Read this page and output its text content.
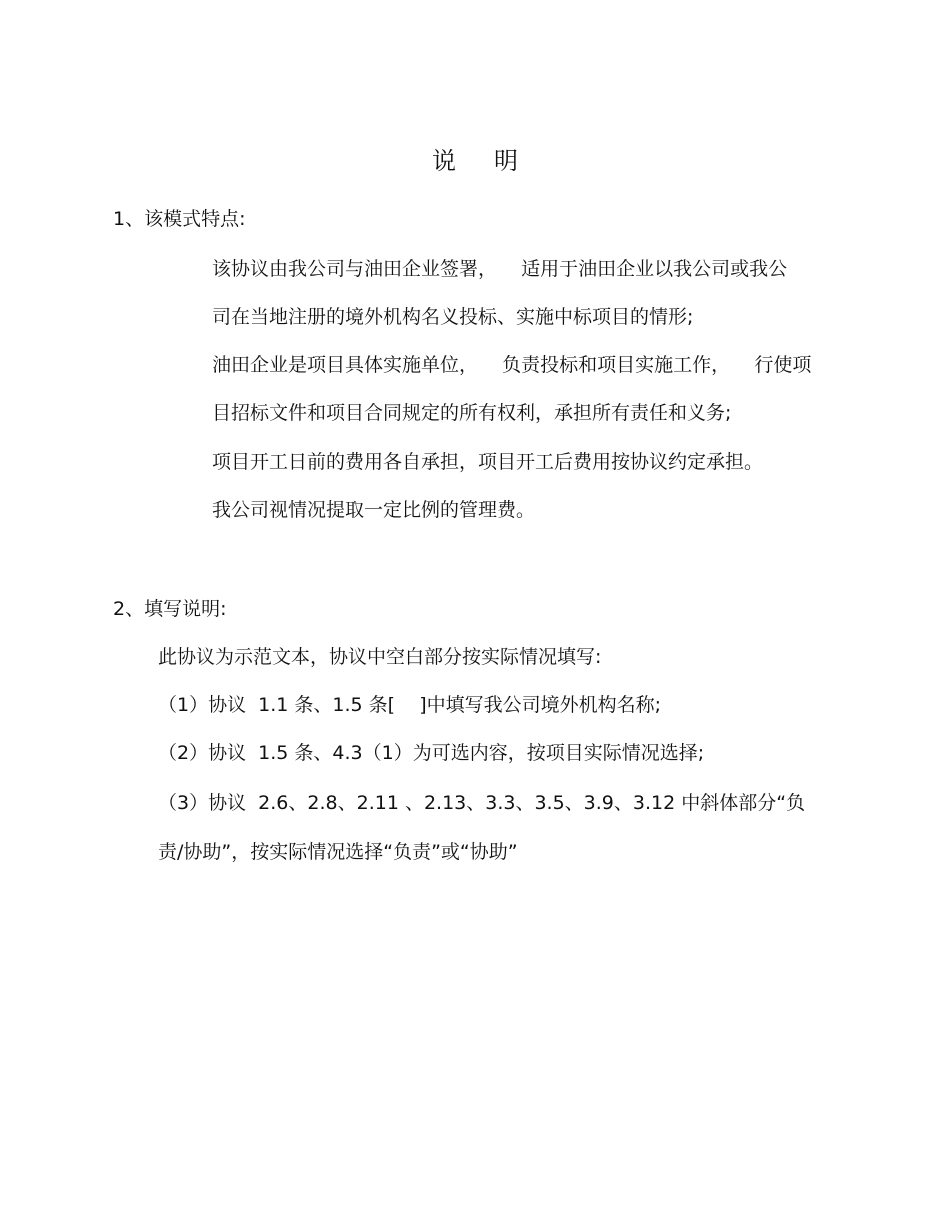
说明
1、该模式特点:
该协议由我公司与油田企业签署，    适用于油田企业以我公司或我公
司在当地注册的境外机构名义投标、实施中标项目的情形;
油田企业是项目具体实施单位，    负责投标和项目实施工作，    行使项
目招标文件和项目合同规定的所有权利，承担所有责任和义务;
项目开工日前的费用各自承担，项目开工后费用按协议约定承担。
我公司视情况提取一定比例的管理费。
2、填写说明:
此协议为示范文本，协议中空白部分按实际情况填写:
（1）协议  1.1 条、1.5 条[    ]中填写我公司境外机构名称;
（2）协议  1.5 条、4.3（1）为可选内容，按项目实际情况选择;
（3）协议  2.6、2.8、2.11 、2.13、3.3、3.5、3.9、3.12 中斜体部分“负
责/协助”，按实际情况选择“负责”或“协助”
